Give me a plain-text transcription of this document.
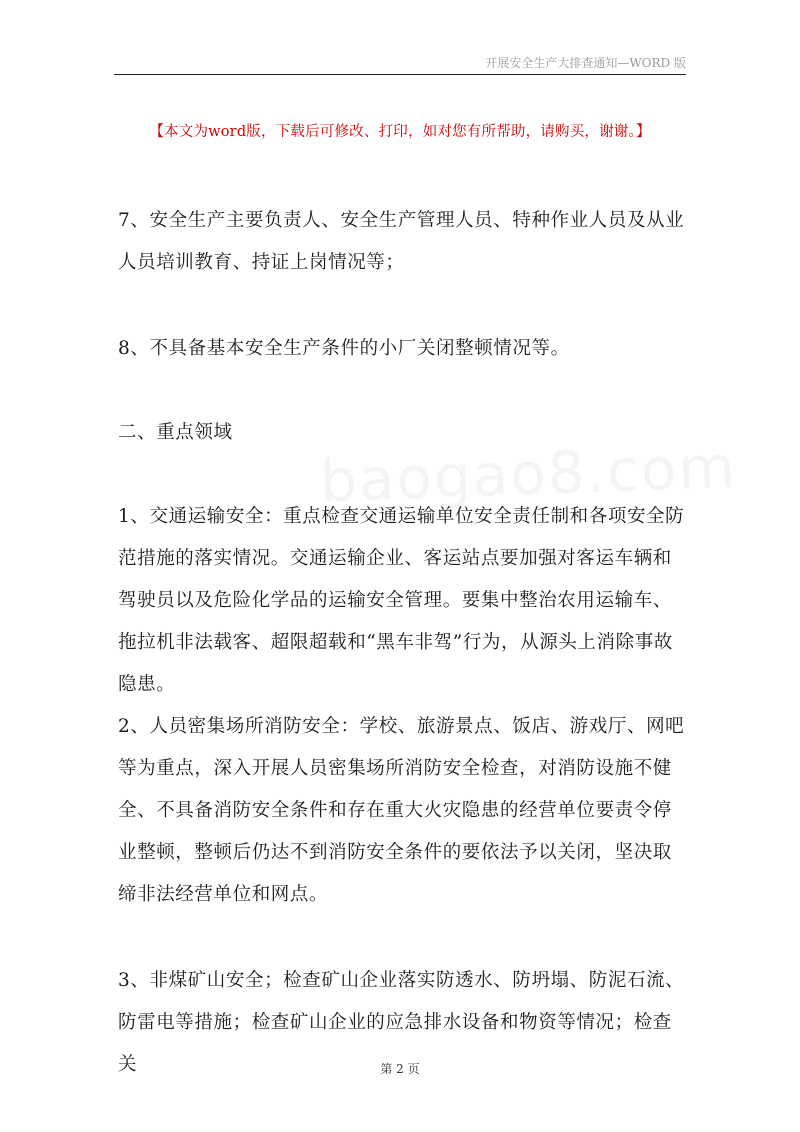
开展安全生产大排查通知—WORD 版
【本文为word版，下载后可修改、打印，如对您有所帮助，请购买，谢谢。】

7、安全生产主要负责人、安全生产管理人员、特种作业人员及从业人员培训教育、持证上岗情况等；

8、不具备基本安全生产条件的小厂关闭整顿情况等。

二、重点领域

1、交通运输安全：重点检查交通运输单位安全责任制和各项安全防范措施的落实情况。交通运输企业、客运站点要加强对客运车辆和驾驶员以及危险化学品的运输安全管理。要集中整治农用运输车、拖拉机非法载客、超限超载和“黑车非驾”行为，从源头上消除事故隐患。

2、人员密集场所消防安全：学校、旅游景点、饭店、游戏厅、网吧等为重点，深入开展人员密集场所消防安全检查，对消防设施不健全、不具备消防安全条件和存在重大火灾隐患的经营单位要责令停业整顿，整顿后仍达不到消防安全条件的要依法予以关闭，坚决取缔非法经营单位和网点。

3、非煤矿山安全；检查矿山企业落实防透水、防坍塌、防泥石流、防雷电等措施；检查矿山企业的应急排水设备和物资等情况；检查关	第 2 页
